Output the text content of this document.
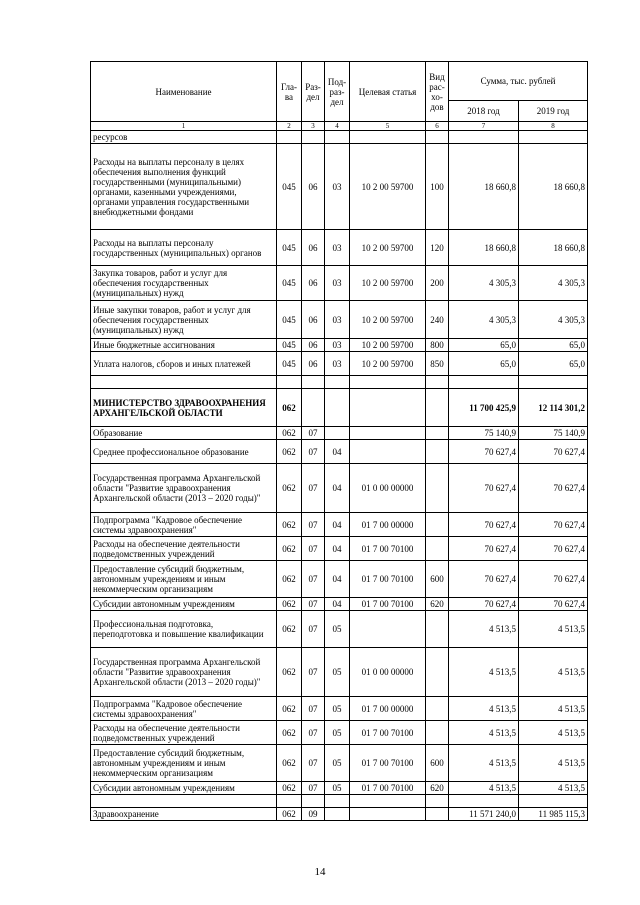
Наименование	Гла-ва	Раз-дел	Под-раз-дел	Целевая статья	Вид рас-хо-дов	Сумма, тыс. рублей	
						2018 год	2019 год
1	2	3	4	5	6	7	8
ресурсов							
Расходы на выплаты персоналу в целях обеспечения выполнения функций государственными (муниципальными) органами, казенными учреждениями, органами управления государственными внебюджетными фондами	045	06	03	10 2 00 59700	100	18 660,8	18 660,8
Расходы на выплаты персоналу государственных (муниципальных) органов	045	06	03	10 2 00 59700	120	18 660,8	18 660,8
Закупка товаров, работ и услуг для обеспечения государственных (муниципальных) нужд	045	06	03	10 2 00 59700	200	4 305,3	4 305,3
Иные закупки товаров, работ и услуг для обеспечения государственных (муниципальных) нужд	045	06	03	10 2 00 59700	240	4 305,3	4 305,3
Иные бюджетные ассигнования	045	06	03	10 2 00 59700	800	65,0	65,0
Уплата налогов, сборов и иных платежей	045	06	03	10 2 00 59700	850	65,0	65,0

МИНИСТЕРСТВО ЗДРАВООХРАНЕНИЯ АРХАНГЕЛЬСКОЙ ОБЛАСТИ	062					11 700 425,9	12 114 301,2
Образование	062	07				75 140,9	75 140,9
Среднее профессиональное образование	062	07	04			70 627,4	70 627,4
Государственная программа Архангельской области "Развитие здравоохранения Архангельской области (2013 – 2020 годы)"	062	07	04	01 0 00 00000		70 627,4	70 627,4
Подпрограмма "Кадровое обеспечение системы здравоохранения"	062	07	04	01 7 00 00000		70 627,4	70 627,4
Расходы на обеспечение деятельности подведомственных учреждений	062	07	04	01 7 00 70100		70 627,4	70 627,4
Предоставление субсидий бюджетным, автономным учреждениям и иным некоммерческим организациям	062	07	04	01 7 00 70100	600	70 627,4	70 627,4
Субсидии автономным учреждениям	062	07	04	01 7 00 70100	620	70 627,4	70 627,4
Профессиональная подготовка, переподготовка и повышение квалификации	062	07	05			4 513,5	4 513,5
Государственная программа Архангельской области "Развитие здравоохранения Архангельской области (2013 – 2020 годы)"	062	07	05	01 0 00 00000		4 513,5	4 513,5
Подпрограмма "Кадровое обеспечение системы здравоохранения"	062	07	05	01 7 00 00000		4 513,5	4 513,5
Расходы на обеспечение деятельности подведомственных учреждений	062	07	05	01 7 00 70100		4 513,5	4 513,5
Предоставление субсидий бюджетным, автономным учреждениям и иным некоммерческим организациям	062	07	05	01 7 00 70100	600	4 513,5	4 513,5
Субсидии автономным учреждениям	062	07	05	01 7 00 70100	620	4 513,5	4 513,5

Здравоохранение	062	09				11 571 240,0	11 985 115,3
14
